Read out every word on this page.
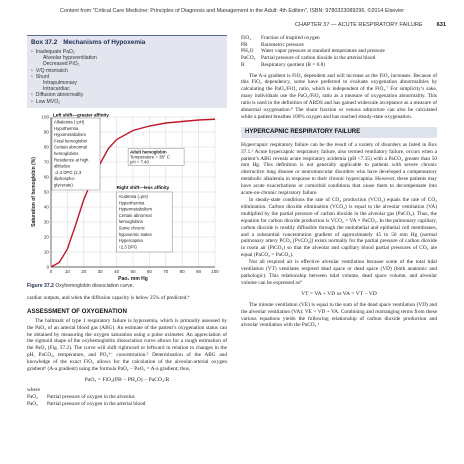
Content from "Critical Care Medicine: Principles of Diagnosis and Management in the Adult: 4th Edition", ISBN: 9780323089296, ©2014 Elsevier
CHAPTER 37 — ACUTE RESPIRATORY FAILURE	631
Box 37.2 Mechanisms of Hypoxemia
• Inadequate PaO₂
Alveolar hypoventilation
Decreased PiO₂
• V/Q mismatch
• Shunt
Intrapulmonary
Intracardiac
• Diffusion abnormality
• Low MVO₂
0
10
20
30
40
50
60
70
80
90
100
0	10 20 30 40 50 60 70 80 90 100
Pao₂ mm Hg
Saturation of hemoglobin (%)
Left shift—greater affinity
Alkalemia (↑pH)
Hypothermia
Hypometabolism
Fetal hemoglobin
Certain abnormal
hemoglobins
Residence at high
altitudes
↓2,3 DPG (2,3
diphospho-
glycerate)
Adult hemoglobin
Temperature = 38° C
pH = 7.40
Right shift—less affinity
Acidemia (↓pH)
Hyperthermia
Hypermetabolism
Certain abnormal
hemoglobins
Some chronic
hypoxemic states
Hypercapnia
↑2,3 DPG
Figure 37.2 Oxyhemoglobin dissociation curve.

cardiac outputs, and when the diffusion capacity is below 25% of predicted.⁴

ASSESSMENT OF OXYGENATION

The hallmark of type 1 respiratory failure is hypoxemia, which is primarily assessed by the PaO₂ of an arterial blood gas (ABG). An estimate of the patient’s oxygenation status can be obtained by measuring the oxygen saturation using a pulse oximeter. An appreciation of the sigmoid shape of the oxyhemoglobin dissociation curve allows for a rough estimation of the PaO₂ (Fig. 37.2). The curve will shift rightward or leftward in relation to changes in the pH, PaCO₂, temperature, and PO₄³⁻ concentration.⁵ Determination of the ABG and knowledge of the exact FiO₂ allows for the calculation of the alveolar-arterial oxygen gradient⁶ (A-a gradient) using the formula PaO₂ − PaO₂ = A-a gradient; thus,

PaO₂ = FiO₂(PB − PH₂O) − PaCO₂/R
where
PaO₂	Partial pressure of oxygen in the alveolus
PaO₂	Partial pressure of oxygen in the arterial blood
FiO₂	Fraction of inspired oxygen
PB	Barometric pressure
PH₂O	Water vapor pressure at standard temperature and pressure
PaCO₂	Partial pressure of carbon dioxide in the arterial blood
R	Respiratory quotient (R = 0.8)

The A-a gradient is FiO₂ dependent and will increase as the FiO₂ increases. Because of this FiO₂ dependency, some have preferred to evaluate oxygenation abnormalities by calculating the PaO₂/FiO₂ ratio, which is independent of the FiO₂.⁷ For simplicity’s sake, many individuals use the PaO₂/FiO₂ ratio as a measure of oxygenation abnormality. This ratio is used in the definition of ARDS and has gained widescale acceptance as a measure of abnormal oxygenation.⁸ The shunt fraction or venous admixture can also be calculated while a patient breathes 100% oxygen and has reached steady-state oxygenation.

HYPERCAPNIC RESPIRATORY FAILURE

Hypercapnic respiratory failure can be the result of a variety of disorders as listed in Box 37.1.¹ Acute hypercapnic respiratory failure, also termed ventilatory failure, occurs when a patient’s ABG reveals acute respiratory acidemia (pH <7.35) with a PaCO₂ greater than 50 mm Hg. This definition is not generally applicable to patients with severe chronic obstructive lung disease or neuromuscular disorders who have developed a compensatory metabolic alkalemia in response to their chronic hypercapnia. However, these patients may have acute exacerbations or comorbid conditions that cause them to decompensate into acute-on-chronic respiratory failure.

In steady-state conditions the rate of CO₂ production (VCO₂) equals the rate of CO₂ elimination. Carbon dioxide elimination (VCO₂) is equal to the alveolar ventilation (VA) multiplied by the partial pressure of carbon dioxide in the alveolar gas (PaCO₂). Thus, the equation for carbon dioxide production is VCO₂ = VA × PaCO₂. In the pulmonary capillary, carbon dioxide is readily diffusible through the endothelial and epithelial cell membranes, and a substantial concentration gradient of approximately 45 to 50 mm Hg (normal pulmonary artery PCO₂ [PvCO₂]) exists normally for the partial pressure of carbon dioxide in room air (PiCO₂) so that the alveolar and capillary blood partial pressures of CO₂ are equal (PaCO₂ = PaCO₂).

Not all respired air is effective alveolar ventilation because some of the total tidal ventilation (VT) ventilates respired dead space or dead space (VD) (both anatomic and pathologic). This relationship between tidal volume, dead space volume, and alveolar volume can be expressed as⁹

VT = VA + VD or VA = VT − VD

The minute ventilation (VE) is equal to the sum of the dead space ventilation (VD) and the alveolar ventilation (VA): VE = VD + VA. Combining and rearranging terms from these various equations yields the following relationship of carbon dioxide production and alveolar ventilation with the PaCO₂.¹
